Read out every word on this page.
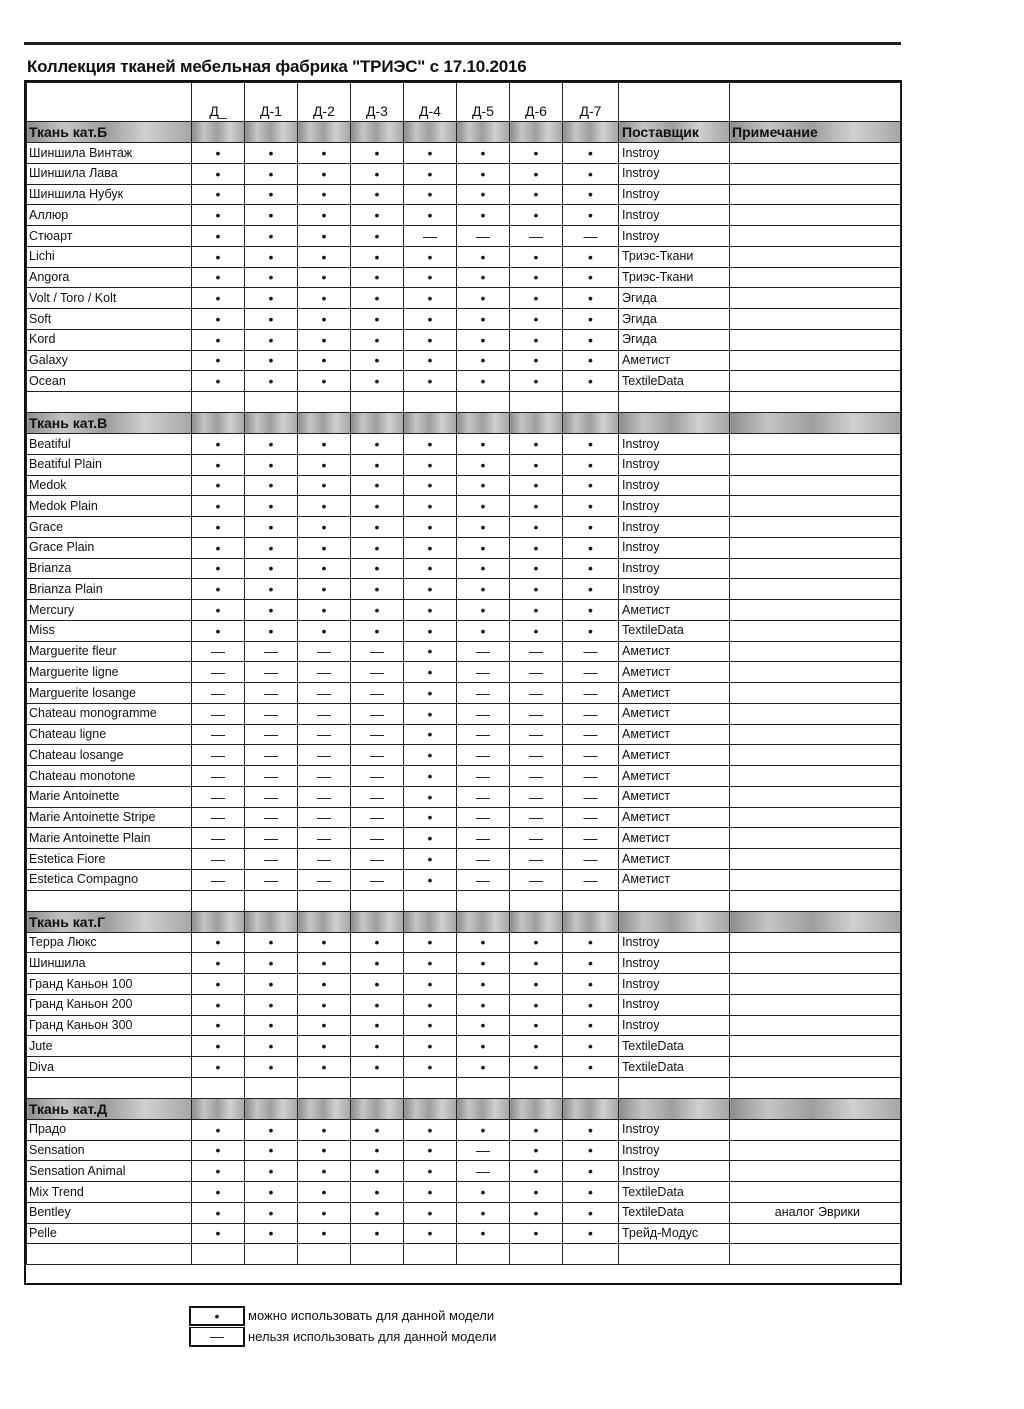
Коллекция тканей мебельная фабрика "ТРИЭС" с 17.10.2016
	Д_	Д-1	Д-2	Д-3	Д-4	Д-5	Д-6	Д-7		
Ткань кат.Б									Поставщик	Примечание
Шиншила Винтаж	•	•	•	•	•	•	•	•	Instroy	
Шиншила Лава	•	•	•	•	•	•	•	•	Instroy	
Шиншила Нубук	•	•	•	•	•	•	•	•	Instroy	
Аллюр	•	•	•	•	•	•	•	•	Instroy	
Стюарт	•	•	•	•	—	—	—	—	Instroy	
Lichi	•	•	•	•	•	•	•	•	Триэс-Ткани	
Angora	•	•	•	•	•	•	•	•	Триэс-Ткани	
Volt / Toro / Kolt	•	•	•	•	•	•	•	•	Эгида	
Soft	•	•	•	•	•	•	•	•	Эгида	
Kord	•	•	•	•	•	•	•	•	Эгида	
Galaxy	•	•	•	•	•	•	•	•	Аметист	
Ocean	•	•	•	•	•	•	•	•	TextileData	

Ткань кат.В										
Beatiful	•	•	•	•	•	•	•	•	Instroy	
Beatiful Plain	•	•	•	•	•	•	•	•	Instroy	
Medok	•	•	•	•	•	•	•	•	Instroy	
Medok Plain	•	•	•	•	•	•	•	•	Instroy	
Grace	•	•	•	•	•	•	•	•	Instroy	
Grace Plain	•	•	•	•	•	•	•	•	Instroy	
Brianza	•	•	•	•	•	•	•	•	Instroy	
Brianza Plain	•	•	•	•	•	•	•	•	Instroy	
Mercury	•	•	•	•	•	•	•	•	Аметист	
Miss	•	•	•	•	•	•	•	•	TextileData	
Marguerite fleur	—	—	—	—	•	—	—	—	Аметист	
Marguerite ligne	—	—	—	—	•	—	—	—	Аметист	
Marguerite losange	—	—	—	—	•	—	—	—	Аметист	
Chateau monogramme	—	—	—	—	•	—	—	—	Аметист	
Chateau ligne	—	—	—	—	•	—	—	—	Аметист	
Chateau losange	—	—	—	—	•	—	—	—	Аметист	
Chateau monotone	—	—	—	—	•	—	—	—	Аметист	
Marie Antoinette	—	—	—	—	•	—	—	—	Аметист	
Marie Antoinette Stripe	—	—	—	—	•	—	—	—	Аметист	
Marie Antoinette Plain	—	—	—	—	•	—	—	—	Аметист	
Estetica Fiore	—	—	—	—	•	—	—	—	Аметист	
Estetica Compagno	—	—	—	—	•	—	—	—	Аметист	

Ткань кат.Г										
Терра Люкс	•	•	•	•	•	•	•	•	Instroy	
Шиншила	•	•	•	•	•	•	•	•	Instroy	
Гранд Каньон 100	•	•	•	•	•	•	•	•	Instroy	
Гранд Каньон 200	•	•	•	•	•	•	•	•	Instroy	
Гранд Каньон 300	•	•	•	•	•	•	•	•	Instroy	
Jute	•	•	•	•	•	•	•	•	TextileData	
Diva	•	•	•	•	•	•	•	•	TextileData	

Ткань кат.Д										
Прадо	•	•	•	•	•	•	•	•	Instroy	
Sensation	•	•	•	•	•	—	•	•	Instroy	
Sensation Animal	•	•	•	•	•	—	•	•	Instroy	
Mix Trend	•	•	•	•	•	•	•	•	TextileData	
Bentley	•	•	•	•	•	•	•	•	TextileData	аналог Эврики
Pelle	•	•	•	•	•	•	•	•	Трейд-Модус	

•	можно использовать для данной модели
—	нельзя использовать для данной модели
